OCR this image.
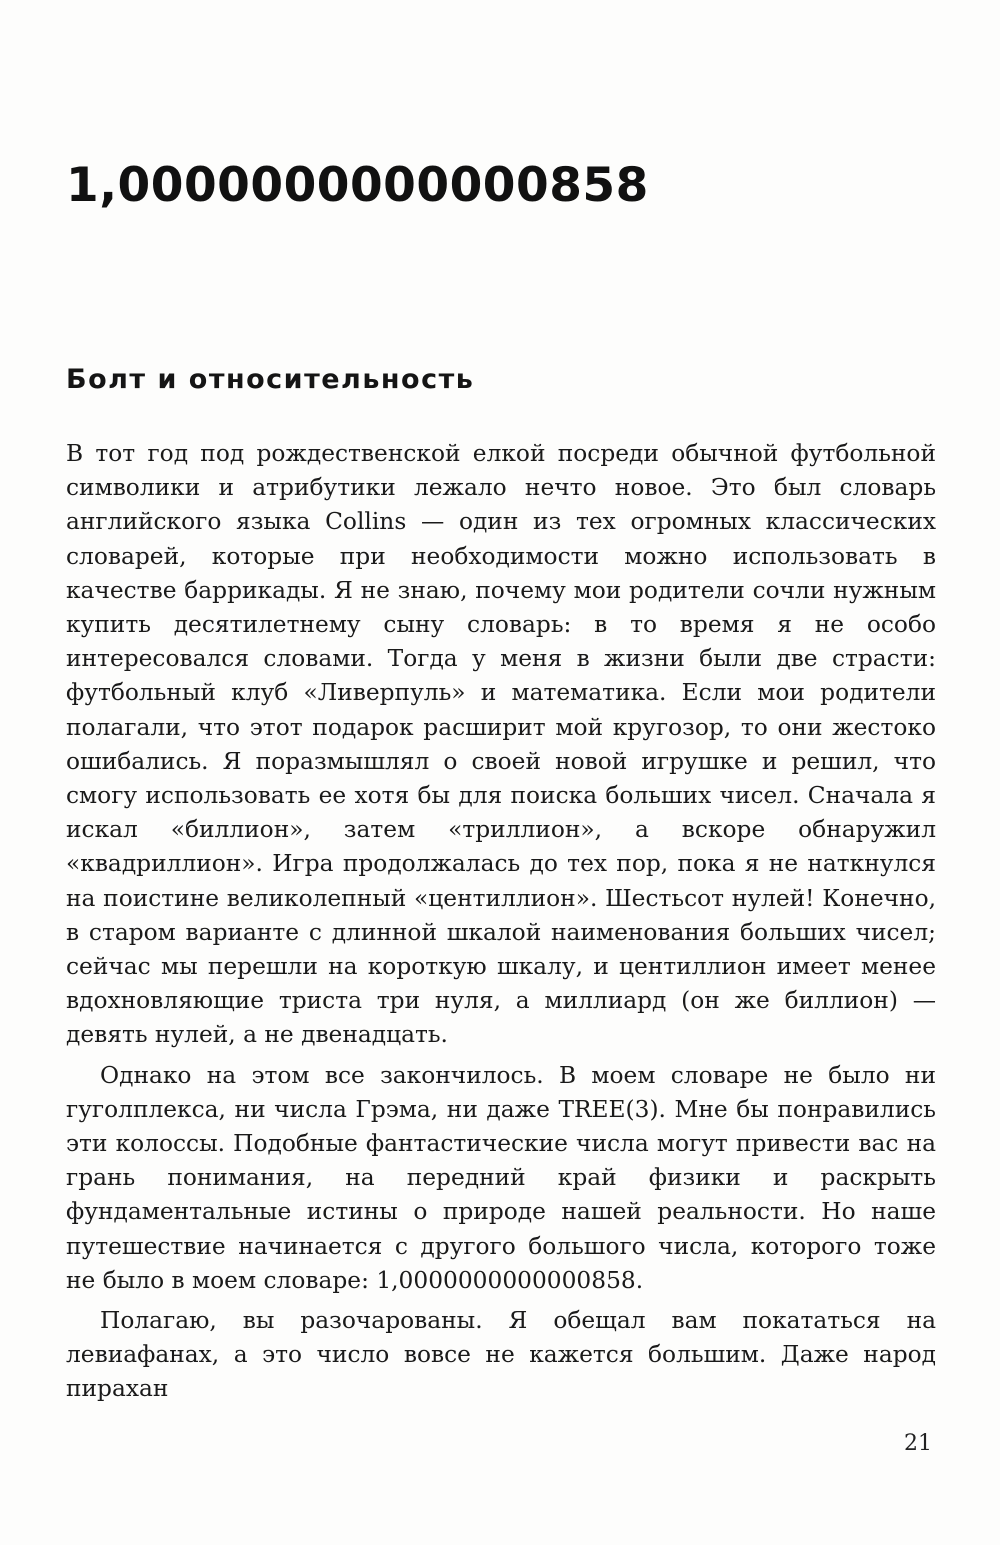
1,0000000000000858
Болт и относительность

В тот год под рождественской елкой посреди обычной футбольной символики и атрибутики лежало нечто новое. Это был словарь английского языка Collins — один из тех огромных классических словарей, которые при необходимости можно использовать в качестве баррикады. Я не знаю, почему мои родители сочли нужным купить десятилетнему сыну словарь: в то время я не особо интересовался словами. Тогда у меня в жизни были две страсти: футбольный клуб «Ливерпуль» и математика. Если мои родители полагали, что этот подарок расширит мой кругозор, то они жестоко ошибались. Я поразмышлял о своей новой игрушке и решил, что смогу использовать ее хотя бы для поиска больших чисел. Сначала я искал «биллион», затем «триллион», а вскоре обнаружил «квадриллион». Игра продолжалась до тех пор, пока я не наткнулся на поистине великолепный «центиллион». Шестьсот нулей! Конечно, в старом варианте с длинной шкалой наименования больших чисел; сейчас мы перешли на короткую шкалу, и центиллион имеет менее вдохновляющие триста три нуля, а миллиард (он же биллион) — девять нулей, а не двенадцать.

Однако на этом все закончилось. В моем словаре не было ни гуголплекса, ни числа Грэма, ни даже TREE(3). Мне бы понравились эти колоссы. Подобные фантастические числа могут привести вас на грань понимания, на передний край физики и раскрыть фундаментальные истины о природе нашей реальности. Но наше путешествие начинается с другого большого числа, которого тоже не было в моем словаре: 1,0000000000000858.

Полагаю, вы разочарованы. Я обещал вам покататься на левиафанах, а это число вовсе не кажется большим. Даже народ пирахан

21
